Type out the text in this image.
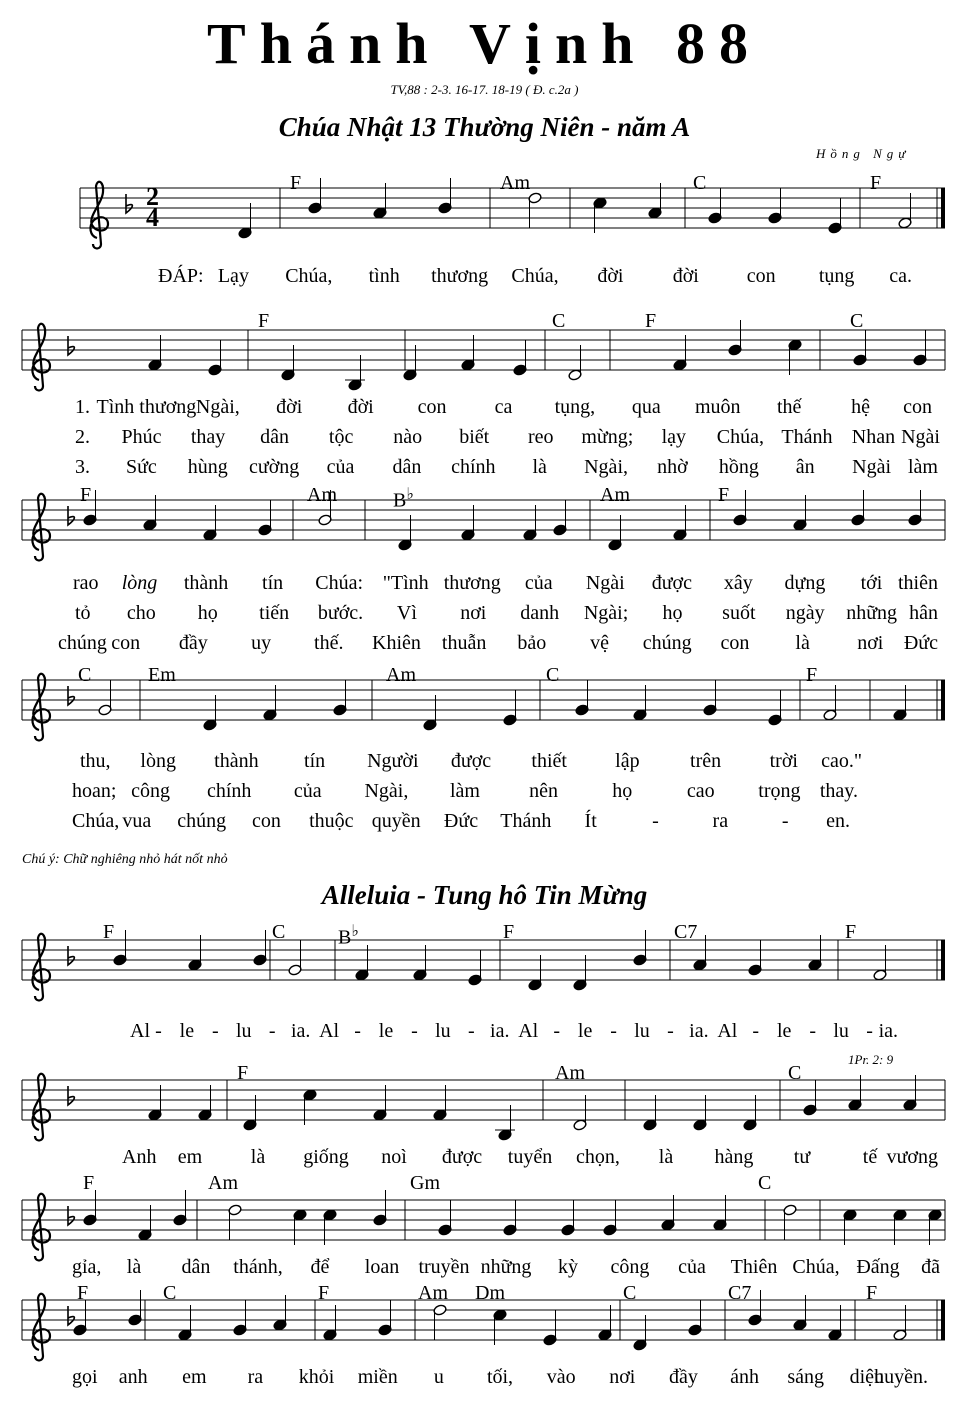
Thánh Vịnh 88
TV,88 : 2-3. 16-17. 18-19 ( Đ. c.2a )
Chúa Nhật 13 Thường Niên - năm A
Hồng Ngự
Chú ý: Chữ nghiêng nhỏ hát nốt nhỏ
Alleluia - Tung hô Tin Mừng
1Pr. 2: 9
2
4
F	Am	C	F
F	C	F	C
F	Am	B♭	Am	F
C	Em	Am	C	F
F	C	B♭	F	C7	F
F	Am	C
F	Am	Gm	C
F	C	F	Am Dm	C	C7	F
ĐÁP: Lạy Chúa, tình thương Chúa, đời đời con tụng ca.
1. Tình thương Ngài, đời đời con ca tụng, qua muôn thế hệ con
2. Phúc thay dân tộc nào biết reo mừng; lạy Chúa, Thánh Nhan Ngài
3. Sức hùng cường của dân chính là Ngài, nhờ hồng ân Ngài làm
rao lòng thành tín Chúa: "Tình thương của Ngài được xây dựng tới thiên
tỏ cho họ tiến bước. Vì nơi danh Ngài; họ suốt ngày những hân
chúng con đầy uy thế. Khiên thuẫn bảo vệ chúng con là nơi Đức
thu, lòng thành tín Người được thiết lập	trên trời cao."
hoan; công chính của Ngài, làm nên	họ	cao trọng thay.
Chúa, vua chúng con thuộc quyền Đức Thánh Ít	-	ra	- en.
Al - le - lu - ia. Al - le - lu - ia. Al - le - lu - ia. Al - le - lu - ia.
Anh em là giống noì được tuyển chọn, là hàng tư	tế vương
gỉa, là dân thánh, để loan truyền những kỳ công của Thiên Chúa, Đấng đã
gọi anh em ra khỏi miền u tối, vào nơi đầy ánh sáng diệu
huyền.
